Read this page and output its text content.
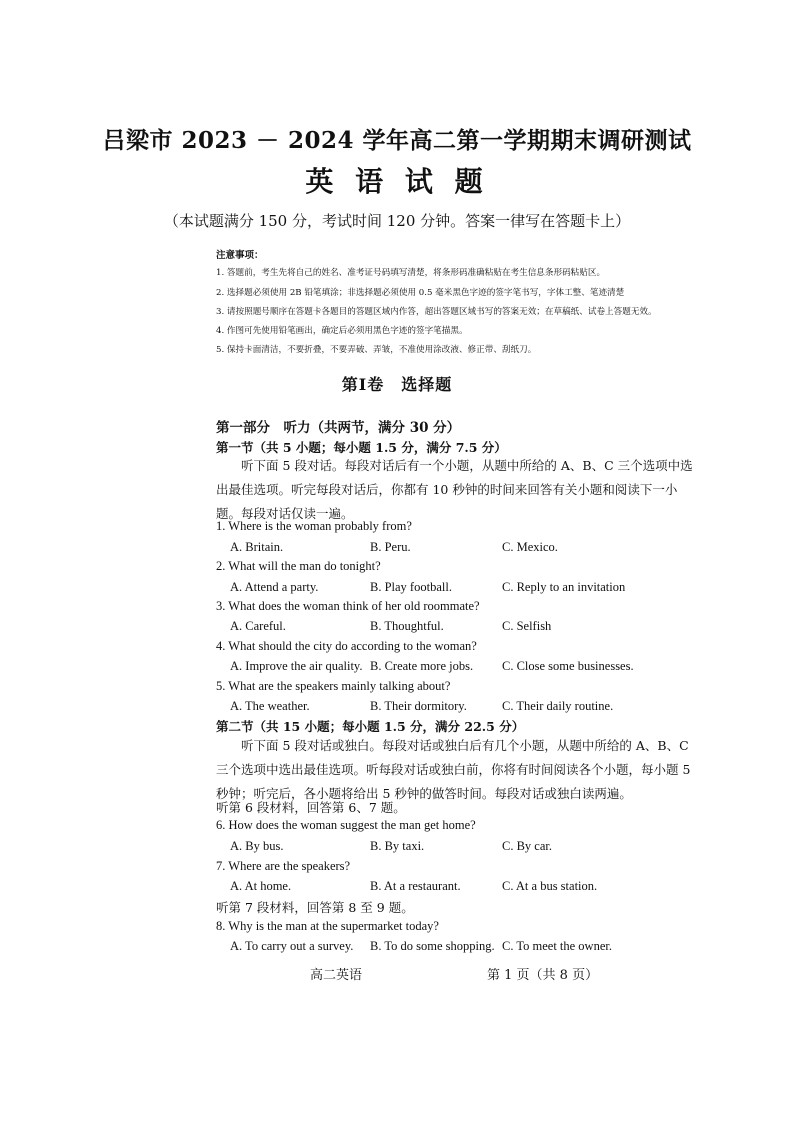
吕梁市 2023 － 2024 学年高二第一学期期末调研测试
英 语 试 题
（本试题满分 150 分，考试时间 120 分钟。答案一律写在答题卡上）
注意事项：
1. 答题前，考生先将自己的姓名、准考证号码填写清楚，将条形码准确粘贴在考生信息条形码粘贴区。
2. 选择题必须使用 2B 铅笔填涂；非选择题必须使用 0.5 毫米黑色字迹的签字笔书写，字体工整、笔迹清楚
3. 请按照题号顺序在答题卡各题目的答题区域内作答，超出答题区域书写的答案无效；在草稿纸、试卷上答题无效。
4. 作图可先使用铅笔画出，确定后必须用黑色字迹的签字笔描黑。
5. 保持卡面清洁，不要折叠，不要弄破、弄皱，不准使用涂改液、修正带、刮纸刀。
第Ⅰ卷　选择题
第一部分　听力（共两节，满分 30 分）
第一节（共 5 小题；每小题 1.5 分，满分 7.5 分）
听下面 5 段对话。每段对话后有一个小题，从题中所给的 A、B、C 三个选项中选出最佳选项。听完每段对话后，你都有 10 秒钟的时间来回答有关小题和阅读下一小题。每段对话仅读一遍。
1. Where is the woman probably from?
A. Britain.	B. Peru.	C. Mexico.
2. What will the man do tonight?
A. Attend a party.	B. Play football.	C. Reply to an invitation
3. What does the woman think of her old roommate?
A. Careful.	B. Thoughtful.	C. Selfish
4. What should the city do according to the woman?
A. Improve the air quality. B. Create more jobs. C. Close some businesses.
5. What are the speakers mainly talking about?
A. The weather.	B. Their dormitory.	C. Their daily routine.
第二节（共 15 小题；每小题 1.5 分，满分 22.5 分）
听下面 5 段对话或独白。每段对话或独白后有几个小题，从题中所给的 A、B、C 三个选项中选出最佳选项。听每段对话或独白前，你将有时间阅读各个小题，每小题 5 秒钟；听完后，各小题将给出 5 秒钟的做答时间。每段对话或独白读两遍。
听第 6 段材料，回答第 6、7 题。
6. How does the woman suggest the man get home?
A. By bus.	B. By taxi.	C. By car.
7. Where are the speakers?
A. At home.	B. At a restaurant.	C. At a bus station.
听第 7 段材料，回答第 8 至 9 题。
8. Why is the man at the supermarket today?
A. To carry out a survey. B. To do some shopping. C. To meet the owner.
高二英语	第 1 页（共 8 页）
